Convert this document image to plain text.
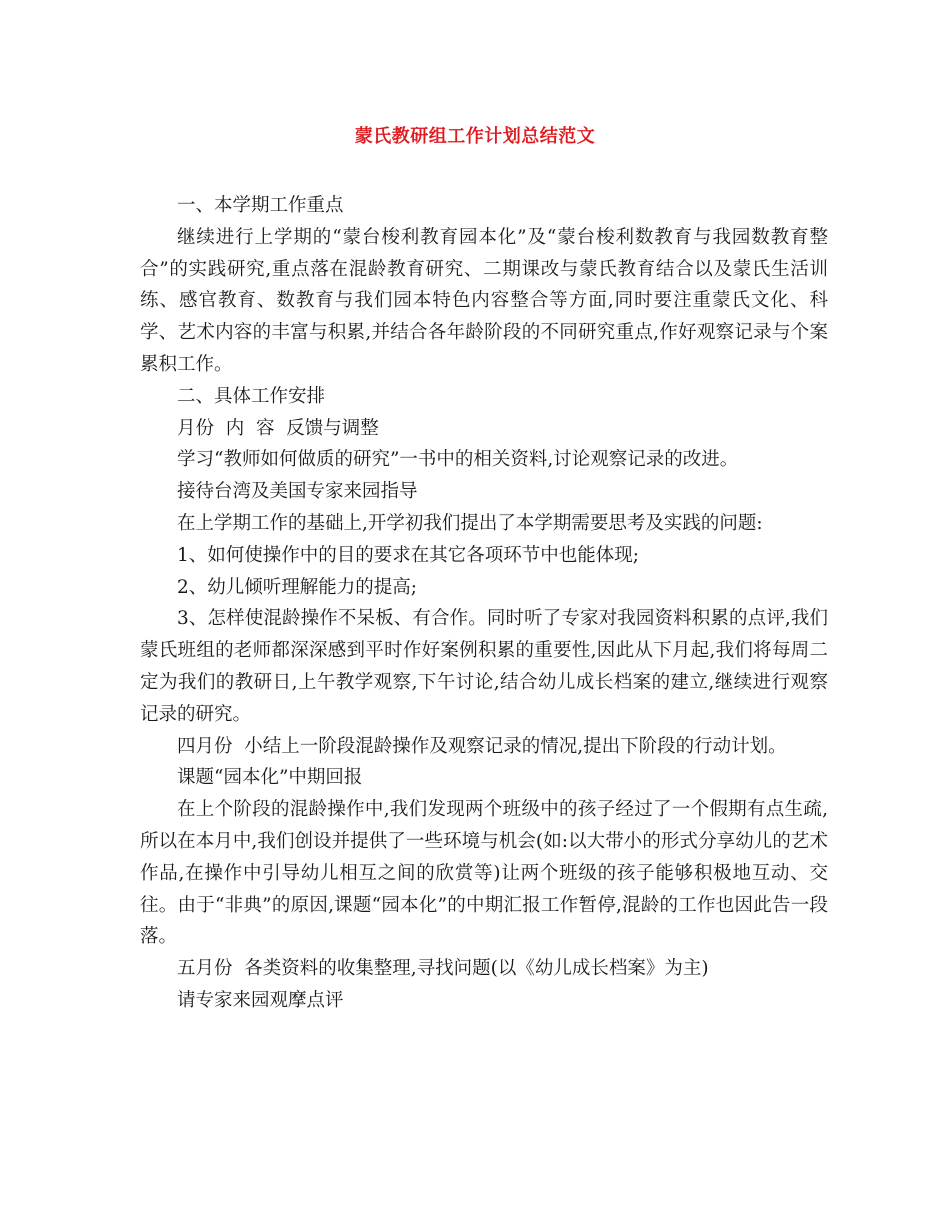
蒙氏教研组工作计划总结范文

一、本学期工作重点

继续进行上学期的“蒙台梭利教育园本化”及“蒙台梭利数教育与我园数教育整合”的实践研究,重点落在混龄教育研究、二期课改与蒙氏教育结合以及蒙氏生活训练、感官教育、数教育与我们园本特色内容整合等方面,同时要注重蒙氏文化、科学、艺术内容的丰富与积累,并结合各年龄阶段的不同研究重点,作好观察记录与个案累积工作。

二、具体工作安排

月份  内  容  反馈与调整

学习“教师如何做质的研究”一书中的相关资料,讨论观察记录的改进。

接待台湾及美国专家来园指导

在上学期工作的基础上,开学初我们提出了本学期需要思考及实践的问题:

1、如何使操作中的目的要求在其它各项环节中也能体现;

2、幼儿倾听理解能力的提高;

3、怎样使混龄操作不呆板、有合作。同时听了专家对我园资料积累的点评,我们蒙氏班组的老师都深深感到平时作好案例积累的重要性,因此从下月起,我们将每周二定为我们的教研日,上午教学观察,下午讨论,结合幼儿成长档案的建立,继续进行观察记录的研究。

四月份  小结上一阶段混龄操作及观察记录的情况,提出下阶段的行动计划。

课题“园本化”中期回报

在上个阶段的混龄操作中,我们发现两个班级中的孩子经过了一个假期有点生疏,所以在本月中,我们创设并提供了一些环境与机会(如:以大带小的形式分享幼儿的艺术作品,在操作中引导幼儿相互之间的欣赏等)让两个班级的孩子能够积极地互动、交往。由于“非典”的原因,课题“园本化”的中期汇报工作暂停,混龄的工作也因此告一段落。

五月份  各类资料的收集整理,寻找问题(以《幼儿成长档案》为主)

请专家来园观摩点评
